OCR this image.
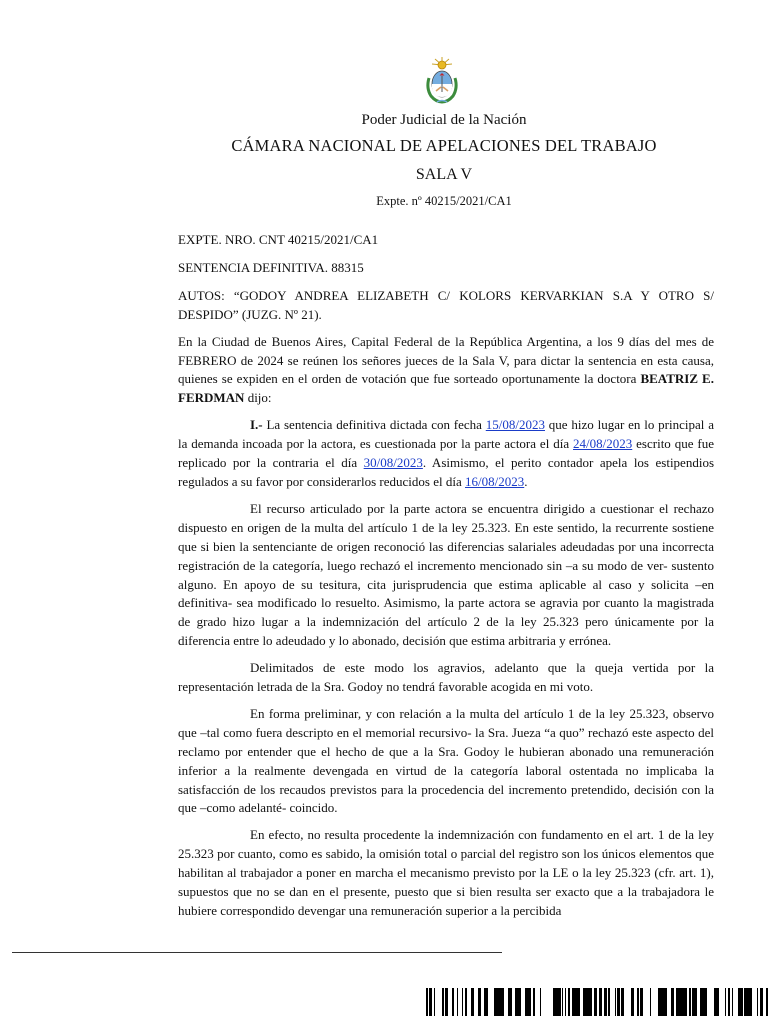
Poder Judicial de la Nación
CÁMARA NACIONAL DE APELACIONES DEL TRABAJO
SALA V
Expte. nº 40215/2021/CA1

EXPTE. NRO. CNT 40215/2021/CA1

SENTENCIA DEFINITIVA. 88315

AUTOS: “GODOY ANDREA ELIZABETH C/ KOLORS KERVARKIAN S.A Y OTRO S/ DESPIDO” (JUZG. Nº 21).

En la Ciudad de Buenos Aires, Capital Federal de la República Argentina, a los 9 días del mes de FEBRERO de 2024 se reúnen los señores jueces de la Sala V, para dictar la sentencia en esta causa, quienes se expiden en el orden de votación que fue sorteado oportunamente la doctora BEATRIZ E. FERDMAN dijo:

I.- La sentencia definitiva dictada con fecha 15/08/2023 que hizo lugar en lo principal a la demanda incoada por la actora, es cuestionada por la parte actora el día 24/08/2023 escrito que fue replicado por la contraria el día 30/08/2023. Asimismo, el perito contador apela los estipendios regulados a su favor por considerarlos reducidos el día 16/08/2023.

El recurso articulado por la parte actora se encuentra dirigido a cuestionar el rechazo dispuesto en origen de la multa del artículo 1 de la ley 25.323. En este sentido, la recurrente sostiene que si bien la sentenciante de origen reconoció las diferencias salariales adeudadas por una incorrecta registración de la categoría, luego rechazó el incremento mencionado sin –a su modo de ver- sustento alguno. En apoyo de su tesitura, cita jurisprudencia que estima aplicable al caso y solicita –en definitiva- sea modificado lo resuelto. Asimismo, la parte actora se agravia por cuanto la magistrada de grado hizo lugar a la indemnización del artículo 2 de la ley 25.323 pero únicamente por la diferencia entre lo adeudado y lo abonado, decisión que estima arbitraria y errónea.

Delimitados de este modo los agravios, adelanto que la queja vertida por la representación letrada de la Sra. Godoy no tendrá favorable acogida en mi voto.

En forma preliminar, y con relación a la multa del artículo 1 de la ley 25.323, observo que –tal como fuera descripto en el memorial recursivo- la Sra. Jueza “a quo” rechazó este aspecto del reclamo por entender que el hecho de que a la Sra. Godoy le hubieran abonado una remuneración inferior a la realmente devengada en virtud de la categoría laboral ostentada no implicaba la satisfacción de los recaudos previstos para la procedencia del incremento pretendido, decisión con la que –como adelanté- coincido.

En efecto, no resulta procedente la indemnización con fundamento en el art. 1 de la ley 25.323 por cuanto, como es sabido, la omisión total o parcial del registro son los únicos elementos que habilitan al trabajador a poner en marcha el mecanismo previsto por la LE o la ley 25.323 (cfr. art. 1), supuestos que no se dan en el presente, puesto que si bien resulta ser exacto que a la trabajadora le hubiere correspondido devengar una remuneración superior a la percibida
